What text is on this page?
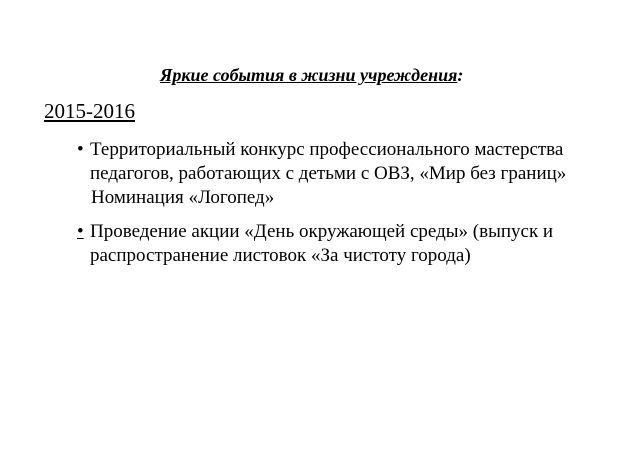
Яркие события в жизни учреждения:
2015-2016
• Территориальный конкурс профессионального мастерства
педагогов, работающих с детьми с ОВЗ, «Мир без границ»
Номинация «Логопед»
• Проведение акции «День окружающей среды» (выпуск и
распространение листовок «За чистоту города)
